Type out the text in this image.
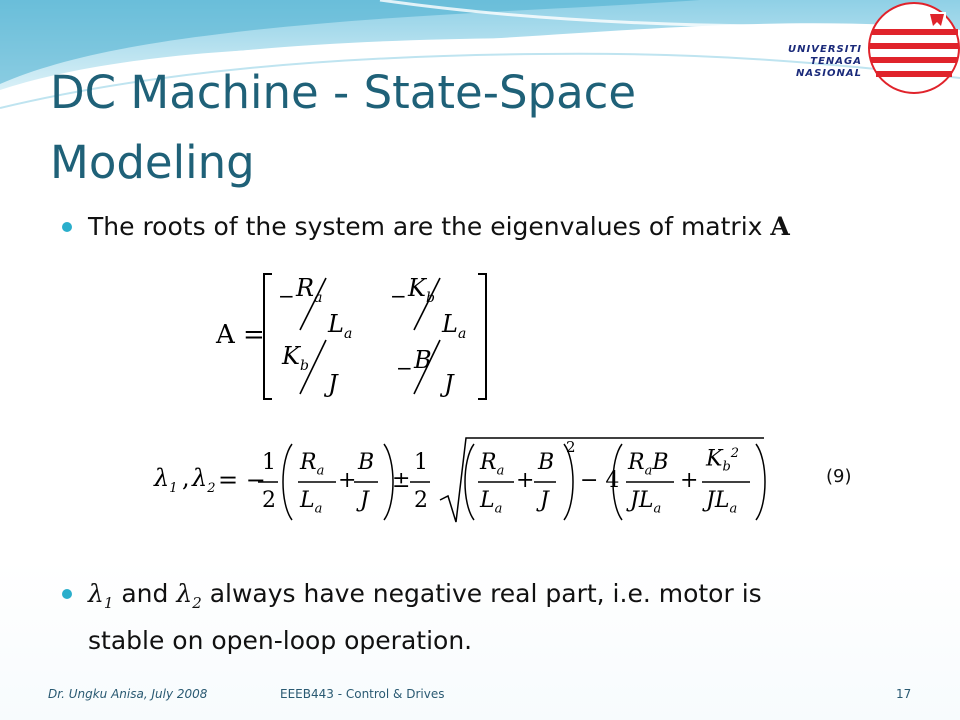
UNIVERSITI
TENAGA
NASIONAL
DC Machine - State-Space
Modeling
The roots of the system are the eigenvalues of matrix A
A =
− $R_a$
$L_a$
− $K_b$
$L_a$
$K_b$
J
− B
J
$\lambda_1$ , $\lambda_2$ = −
1
2
$R_a$
$L_a$
+
B
J
±
1
2
$R_a$
$L_a$
+
B
J
2
− 4
$R_aB$
$JL_a$
+
$K_b^2$
$JL_a$
(9)
$\lambda_1$ and $\lambda_2$ always have negative real part, i.e. motor is
stable on open-loop operation.
Dr. Ungku Anisa, July 2008	EEEB443 - Control & Drives	17
